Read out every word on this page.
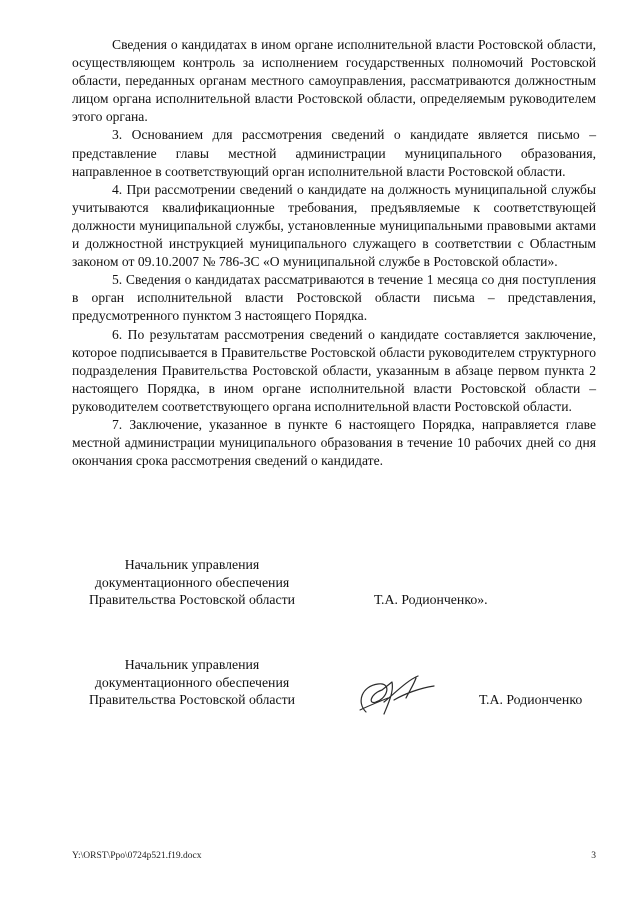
Сведения о кандидатах в ином органе исполнительной власти Ростовской области, осуществляющем контроль за исполнением государственных полномочий Ростовской области, переданных органам местного самоуправления, рассматриваются должностным лицом органа исполнительной власти Ростовской области, определяемым руководителем этого органа.

3. Основанием для рассмотрения сведений о кандидате является письмо – представление главы местной администрации муниципального образования, направленное в соответствующий орган исполнительной власти Ростовской области.

4. При рассмотрении сведений о кандидате на должность муниципальной службы учитываются квалификационные требования, предъявляемые к соответствующей должности муниципальной службы, установленные муниципальными правовыми актами и должностной инструкцией муниципального служащего в соответствии с Областным законом от 09.10.2007 № 786-ЗС «О муниципальной службе в Ростовской области».

5. Сведения о кандидатах рассматриваются в течение 1 месяца со дня поступления в орган исполнительной власти Ростовской области письма – представления, предусмотренного пунктом 3 настоящего Порядка.

6. По результатам рассмотрения сведений о кандидате составляется заключение, которое подписывается в Правительстве Ростовской области руководителем структурного подразделения Правительства Ростовской области, указанным в абзаце первом пункта 2 настоящего Порядка, в ином органе исполнительной власти Ростовской области – руководителем соответствующего органа исполнительной власти Ростовской области.

7. Заключение, указанное в пункте 6 настоящего Порядка, направляется главе местной администрации муниципального образования в течение 10 рабочих дней со дня окончания срока рассмотрения сведений о кандидате.

Начальник управления
документационного обеспечения
Правительства Ростовской области	Т.А. Родионченко».
Начальник управления
документационного обеспечения
Правительства Ростовской области	Т.А. Родионченко
Y:\ORST\Ppo\0724p521.f19.docx	3
